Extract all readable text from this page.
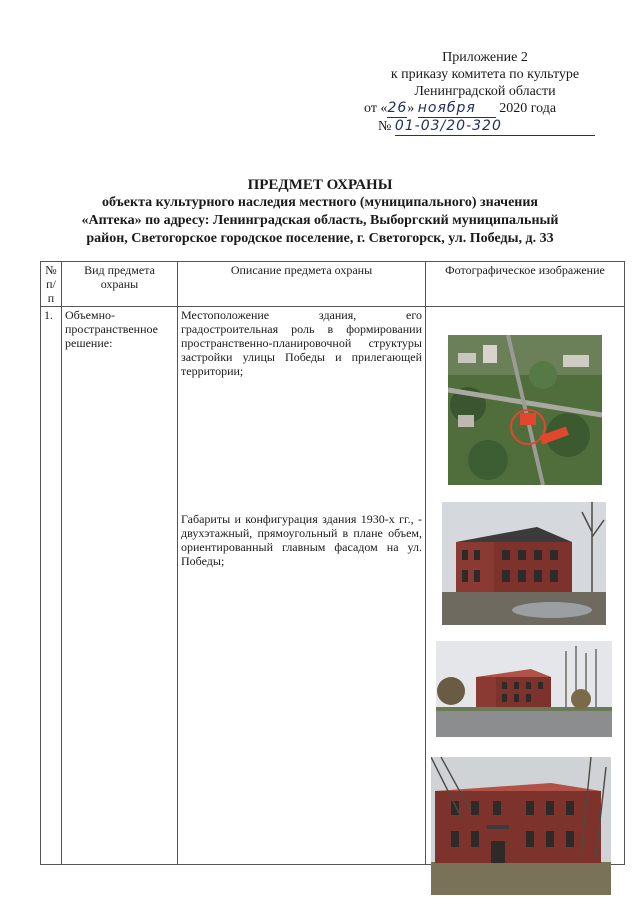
Приложение 2
к приказу комитета по культуре
Ленинградской области
от «26» ноября 2020 года
№ 01-03/20-320
ПРЕДМЕТ ОХРАНЫ
объекта культурного наследия местного (муниципального) значения
«Аптека» по адресу: Ленинградская область, Выборгский муниципальный
район, Светогорское городское поселение, г. Светогорск, ул. Победы, д. 33
№ п/п	Вид предмета охраны	Описание предмета охраны	Фотографическое изображение
1.	Объемно-пространственное решение:	Местоположение здания, его градостроительная роль в формировании пространственно-планировочной структуры застройки улицы Победы и прилегающей территории;

Габариты и конфигурация здания 1930-х гг., - двухэтажный, прямоугольный в плане объем, ориентированный главным фасадом на ул. Победы;
